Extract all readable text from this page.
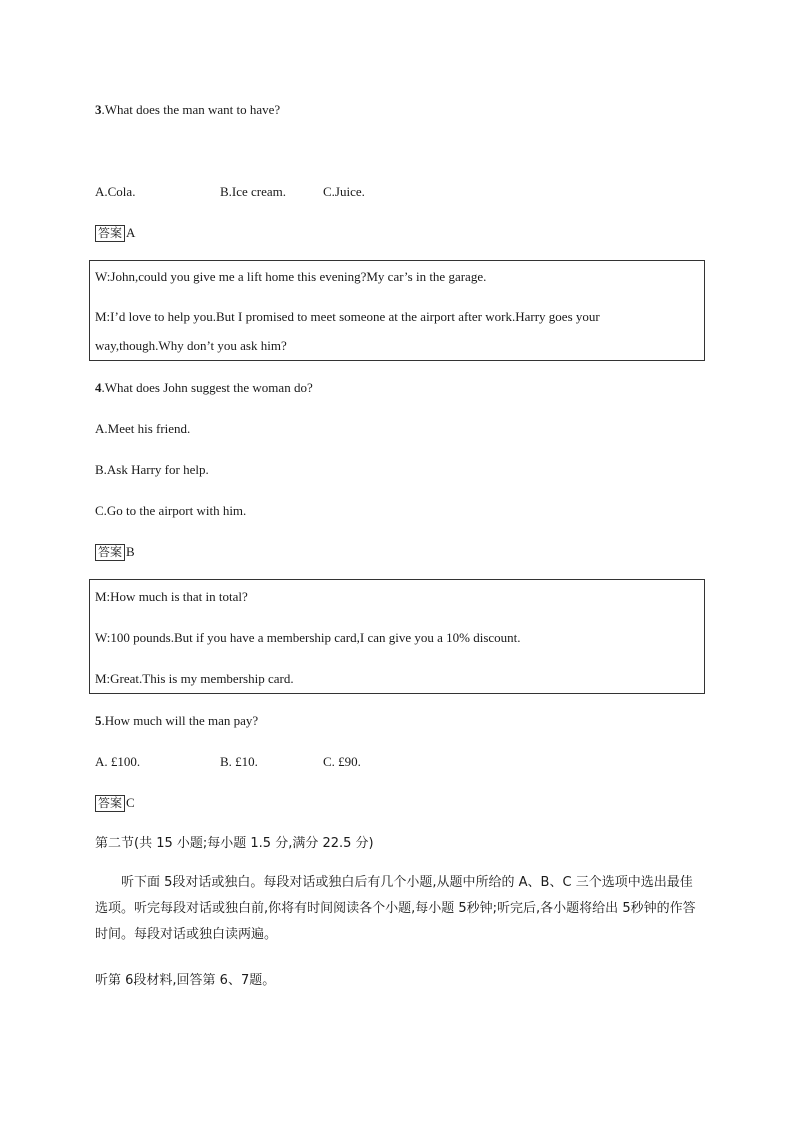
3.What does the man want to have?
A.Cola.	B.Ice cream.	C.Juice.
答案 A
W:John,could you give me a lift home this evening?My car’s in the garage.
M:I’d love to help you.But I promised to meet someone at the airport after work.Harry goes your
way,though.Why don’t you ask him?
4.What does John suggest the woman do?
A.Meet his friend.
B.Ask Harry for help.
C.Go to the airport with him.
答案 B
M:How much is that in total?
W:100 pounds.But if you have a membership card,I can give you a 10% discount.
M:Great.This is my membership card.
5.How much will the man pay?
A. £100.	B. £10.	C. £90.
答案 C
第二节(共 15 小题;每小题 1.5 分,满分 22.5 分)
听下面 5段对话或独白。每段对话或独白后有几个小题,从题中所给的 A、B、C 三个选项中选出最佳选项。听完每段对话或独白前,你将有时间阅读各个小题,每小题 5秒钟;听完后,各小题将给出 5秒钟的作答时间。每段对话或独白读两遍。
听第 6段材料,回答第 6、7题。
